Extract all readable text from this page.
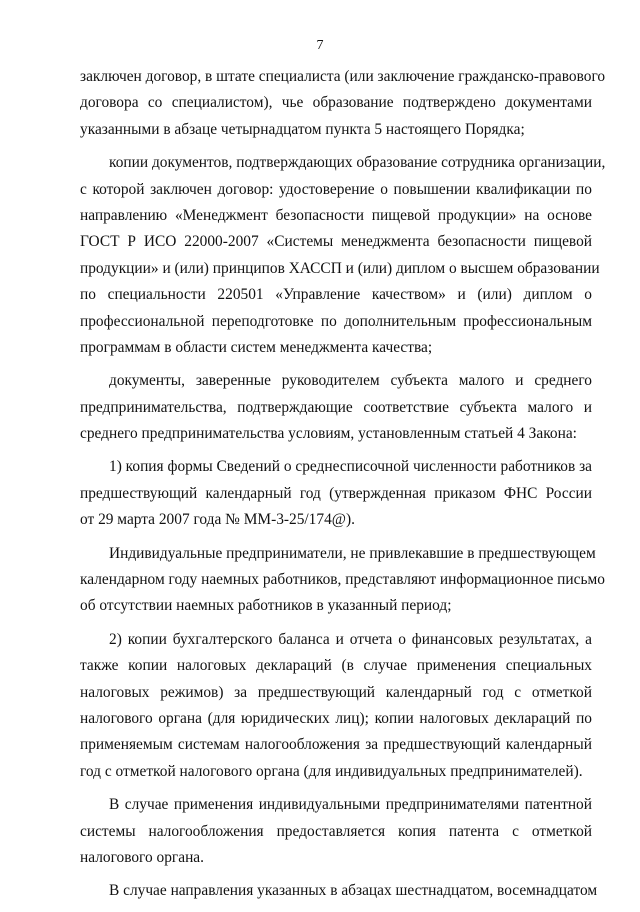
7

заключен договор, в штате специалиста (или заключение гражданско-правового
договора со специалистом), чье образование подтверждено документами
указанными в абзаце четырнадцатом пункта 5 настоящего Порядка;

копии документов, подтверждающих образование сотрудника организации,
с которой заключен договор: удостоверение о повышении квалификации по
направлению «Менеджмент безопасности пищевой продукции» на основе
ГОСТ Р ИСО 22000-2007 «Системы менеджмента безопасности пищевой
продукции» и (или) принципов ХАССП и (или) диплом о высшем образовании
по специальности 220501 «Управление качеством» и (или) диплом о
профессиональной переподготовке по дополнительным профессиональным
программам в области систем менеджмента качества;

документы, заверенные руководителем субъекта малого и среднего
предпринимательства, подтверждающие соответствие субъекта малого и
среднего предпринимательства условиям, установленным статьей 4 Закона:

1) копия формы Сведений о среднесписочной численности работников за
предшествующий календарный год (утвержденная приказом ФНС России
от 29 марта 2007 года № ММ-3-25/174@).

Индивидуальные предприниматели, не привлекавшие в предшествующем
календарном году наемных работников, представляют информационное письмо
об отсутствии наемных работников в указанный период;

2) копии бухгалтерского баланса и отчета о финансовых результатах, а
также копии налоговых деклараций (в случае применения специальных
налоговых режимов) за предшествующий календарный год с отметкой
налогового органа (для юридических лиц); копии налоговых деклараций по
применяемым системам налогообложения за предшествующий календарный
год с отметкой налогового органа (для индивидуальных предпринимателей).

В случае применения индивидуальными предпринимателями патентной
системы налогообложения предоставляется копия патента с отметкой
налогового органа.

В случае направления указанных в абзацах шестнадцатом, восемнадцатом
